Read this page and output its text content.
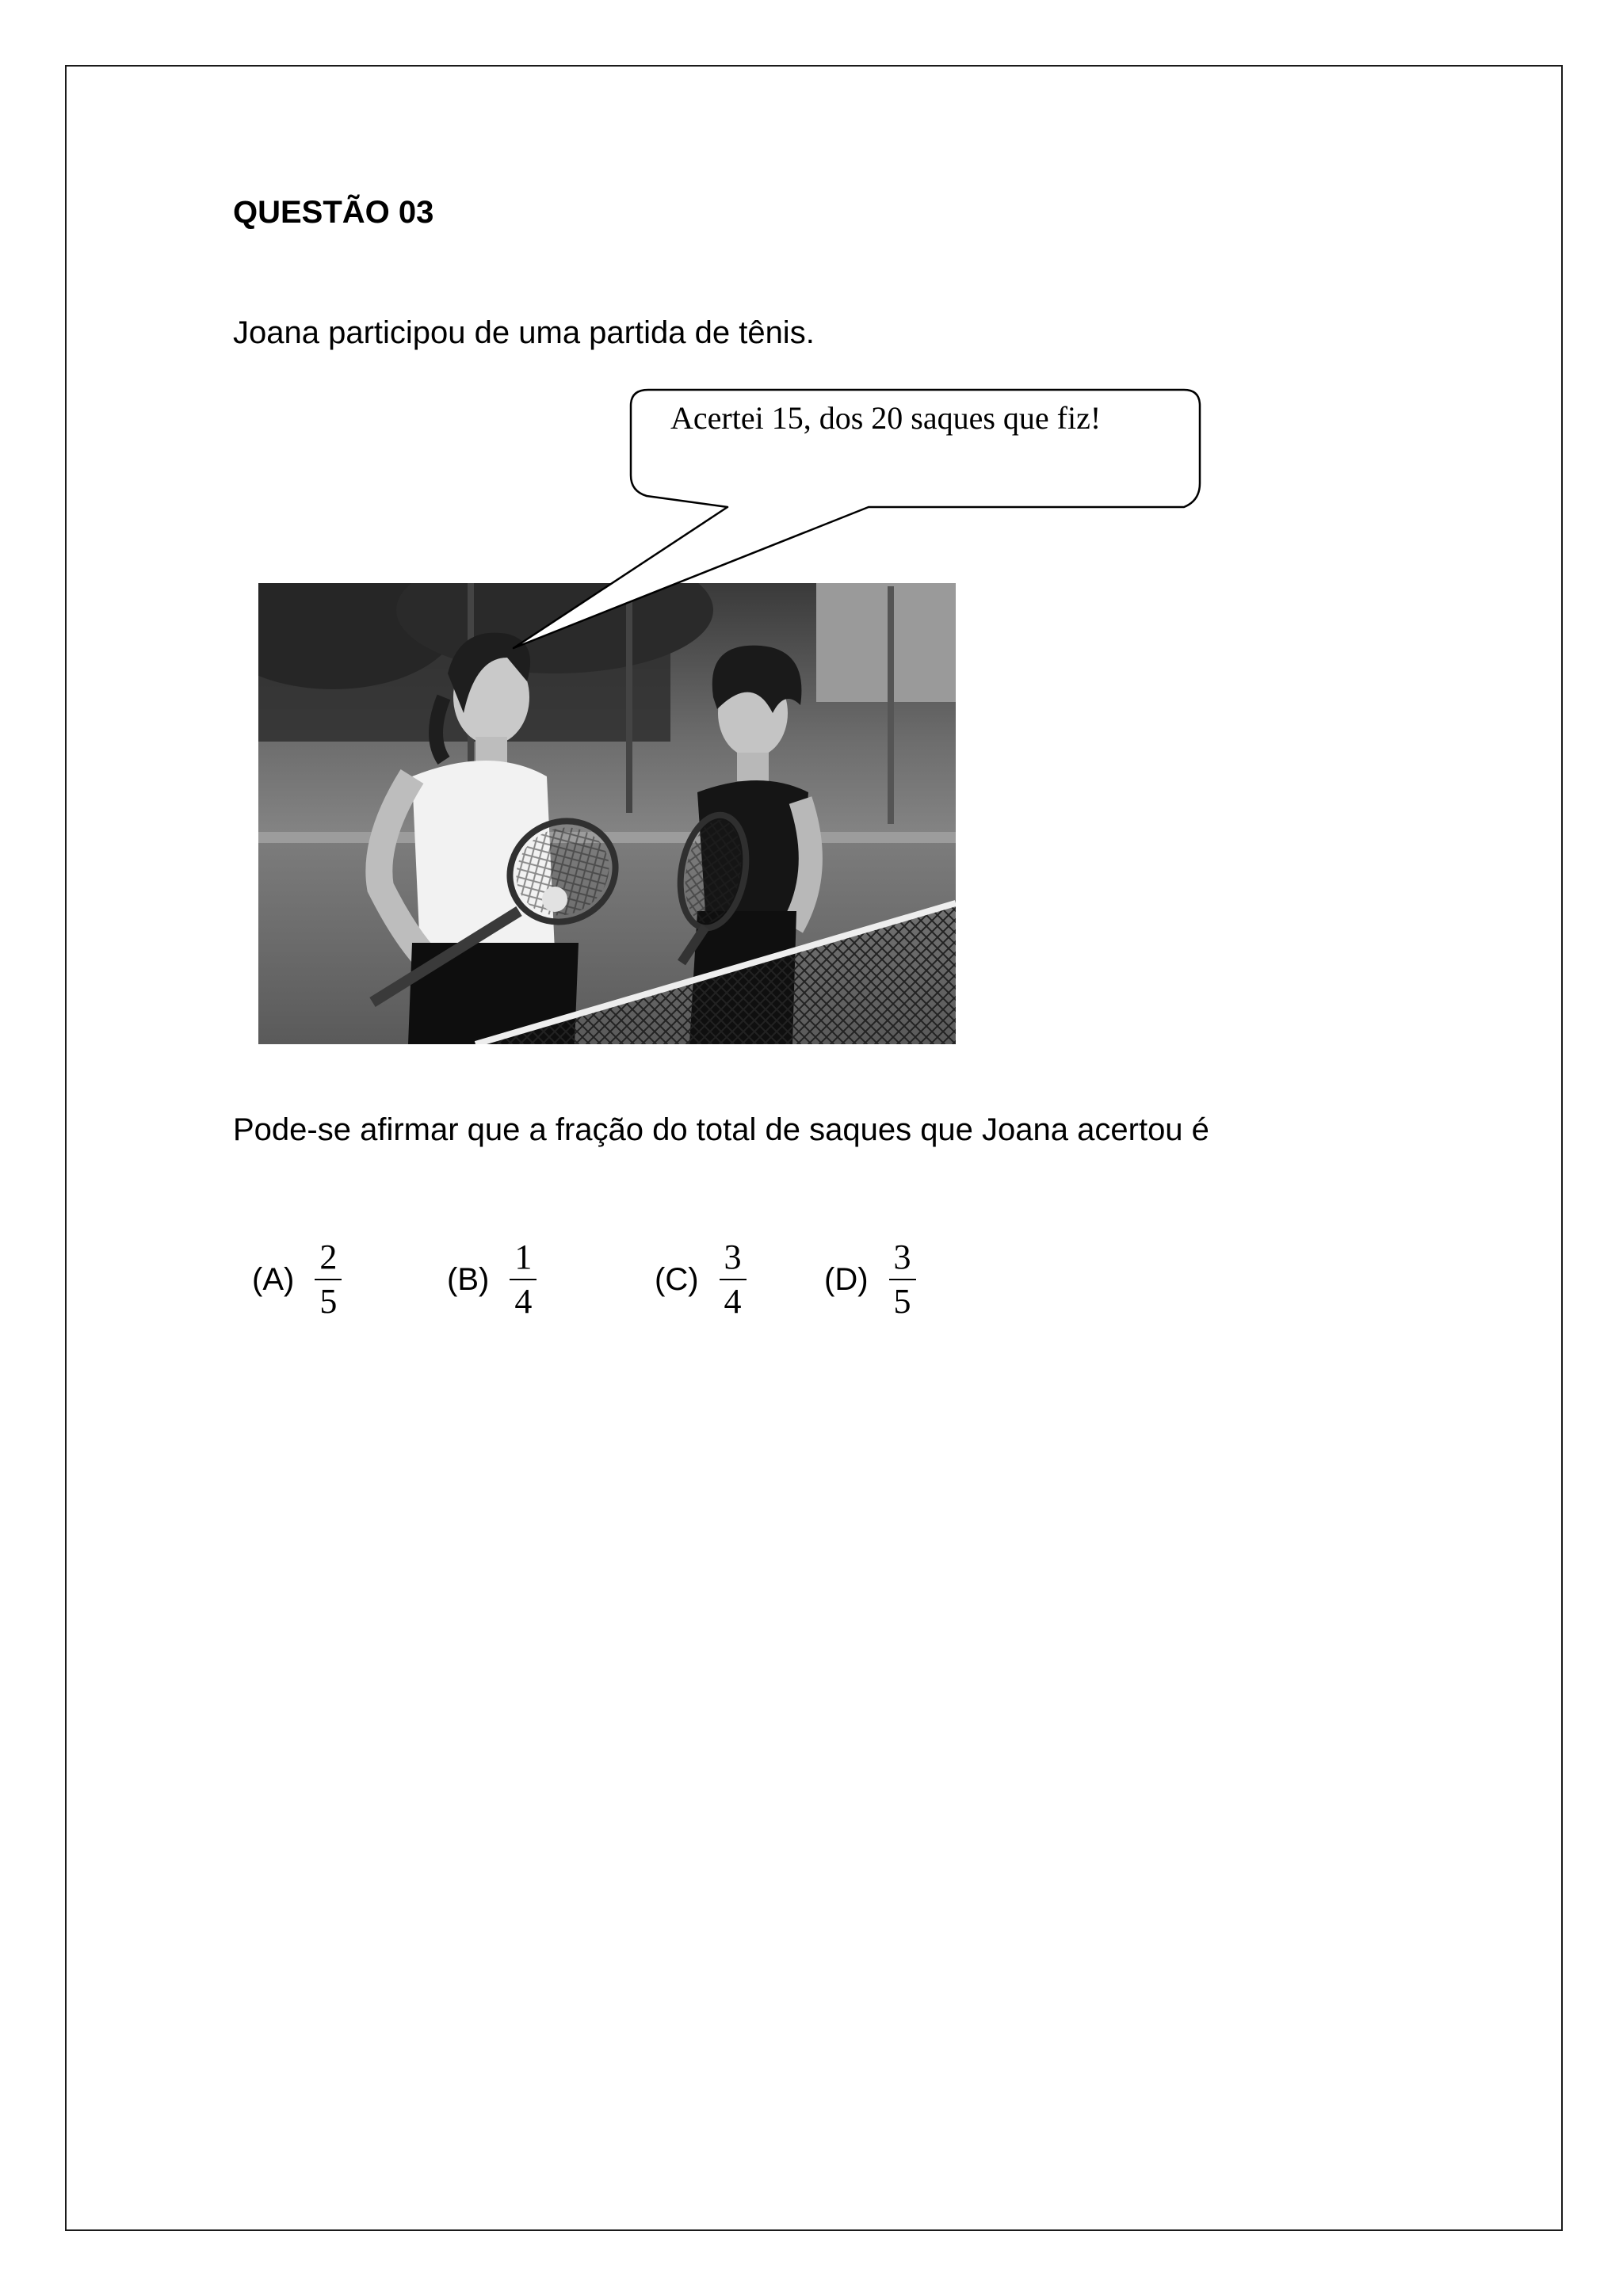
QUESTÃO 03
Joana participou de uma partida de tênis.
Acertei 15, dos 20 saques que fiz!
Pode-se afirmar que a fração do total de saques que Joana acertou é
$(A) \frac{2}{5}$	$(B) \frac{1}{4}$	$(C) \frac{3}{4} (D) \frac{3}{5}$
